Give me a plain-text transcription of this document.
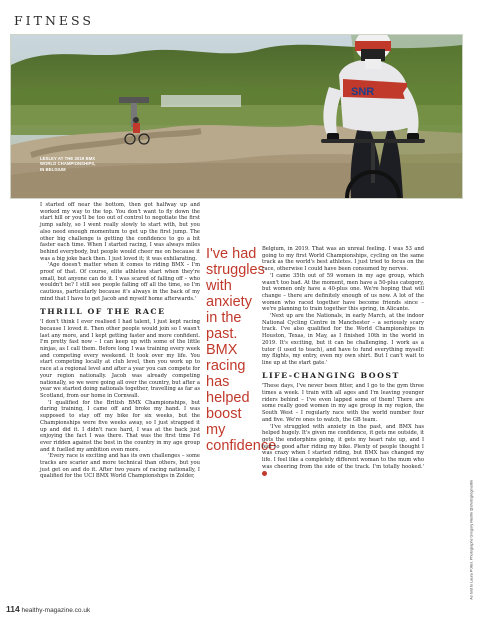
FITNESS
SNR
LESLEY AT THE 2019 BMX WORLD CHAMPIONSHIPS, IN BELGIUM
As told to Laura Potter. Photographs Gregory Martin @shotsgregmartin

I started off near the bottom, then got halfway up and worked my way to the top. You don't want to fly down the start hill or you'll be too out of control to negotiate the first jump safely, so I went really slowly to start with, but you also need enough momentum to get up the first jump. The other big challenge is getting the confidence to go a bit faster each time. When I started racing, I was always miles behind everybody, but people would cheer me on because it was a big joke back then. I just loved it; it was exhilarating.

'Age doesn't matter when it comes to riding BMX – I'm proof of that. Of course, elite athletes start when they're small, but anyone can do it. I was scared of falling off – who wouldn't be? I still see people falling off all the time, so I'm cautious, particularly because it's always in the back of my mind that I have to get Jacob and myself home afterwards.'

THRILL OF THE RACE

'I don't think I ever realised I had talent, I just kept racing because I loved it. Then other people would join so I wasn't last any more, and I kept getting faster and more confident. I'm pretty fast now – I can keep up with some of the little ninjas, as I call them. Before long I was training every week and competing every weekend. It took over my life. You start competing locally at club level, then you work up to race at a regional level and after a year you can compete for your region nationally. Jacob was already competing nationally, so we were going all over the country, but after a year we started doing nationals together, travelling as far as Scotland, from our home in Cornwall.

'I qualified for the British BMX Championships, but during training, I came off and broke my hand. I was supposed to stay off my bike for six weeks, but the Championships were five weeks away, so I just strapped it up and did it. I didn't race hard, I was at the back just enjoying the fact I was there. That was the first time I'd ever ridden against the best in the country in my age group and it fuelled my ambition even more.

'Every race is exciting and has its own challenges – some tracks are scarier and more technical than others, but you just get on and do it. After two years of racing nationally, I qualified for the UCI BMX World Championships in Zolder,

I've had struggles with anxiety in the past. BMX racing has helped boost my confidence

Belgium, in 2019. That was an unreal feeling. I was 53 and going to my first World Championships, cycling on the same track as the world's best athletes. I just tried to focus on the race, otherwise I could have been consumed by nerves.

'I came 35th out of 59 women in my age group, which wasn't too bad. At the moment, men have a 50-plus category, but women only have a 40-plus one. We're hoping that will change – there are definitely enough of us now. A lot of the women who raced together have become friends since – we're planning to train together this spring, in Alicante.

'Next up are the Nationals, in early March, at the indoor National Cycling Centre in Manchester – a seriously scary track. I've also qualified for the World Championships in Houston, Texas, in May, as I finished 10th in the world in 2019. It's exciting, but it can be challenging. I work as a tutor (I used to teach), and have to fund everything myself: my flights, my entry, even my own shirt. But I can't wait to line up at the start gate.'

LIFE-CHANGING BOOST

'These days, I've never been fitter, and I go to the gym three times a week. I train with all ages and I'm leaving younger riders behind – I've even lapped some of them! There are some really good women in my age group in my region, the South West – I regularly race with the world number four and five. We're ones to watch, the GB team.

'I've struggled with anxiety in the past, and BMX has helped hugely. It's given me confidence, it gets me outside, it gets the endorphins going, it gets my heart rate up, and I feel so good after riding my bike. Plenty of people thought I was crazy when I started riding, but BMX has changed my life. I feel like a completely different woman to the mum who was cheering from the side of the track. I'm totally hooked.'

114 healthy-magazine.co.uk
